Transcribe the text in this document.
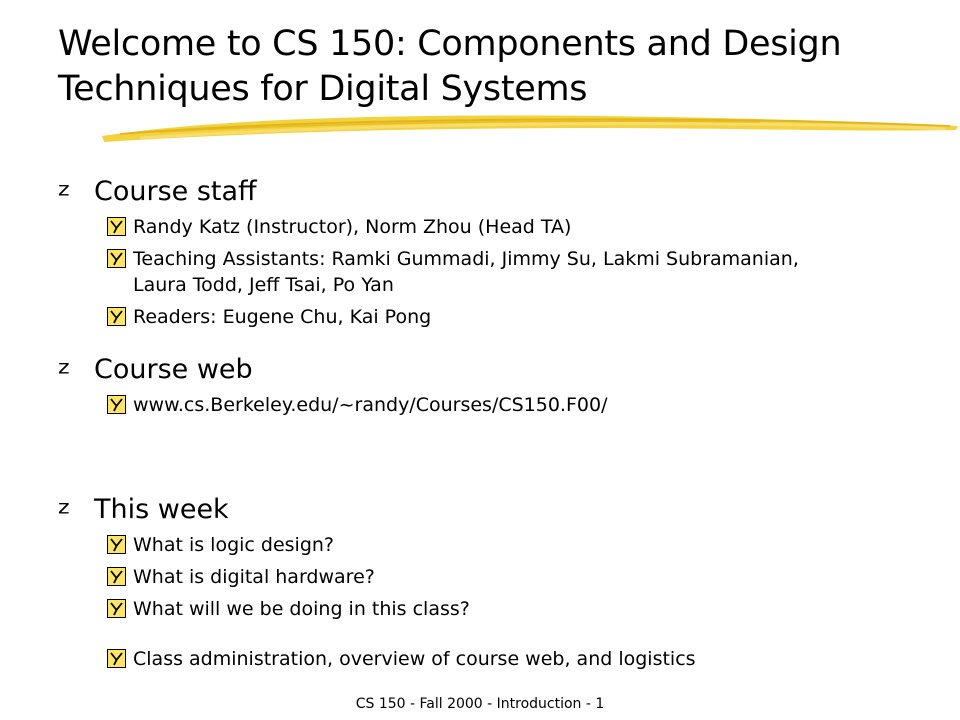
Welcome to CS 150: Components and Design Techniques for Digital Systems
z Course staff
Randy Katz (Instructor), Norm Zhou (Head TA)
Teaching Assistants: Ramki Gummadi, Jimmy Su, Lakmi Subramanian, Laura Todd, Jeff Tsai, Po Yan
Readers: Eugene Chu, Kai Pong
z Course web
www.cs.Berkeley.edu/~randy/Courses/CS150.F00/
z This week
What is logic design?
What is digital hardware?
What will we be doing in this class?
Class administration, overview of course web, and logistics
CS 150 - Fall 2000 - Introduction - 1
